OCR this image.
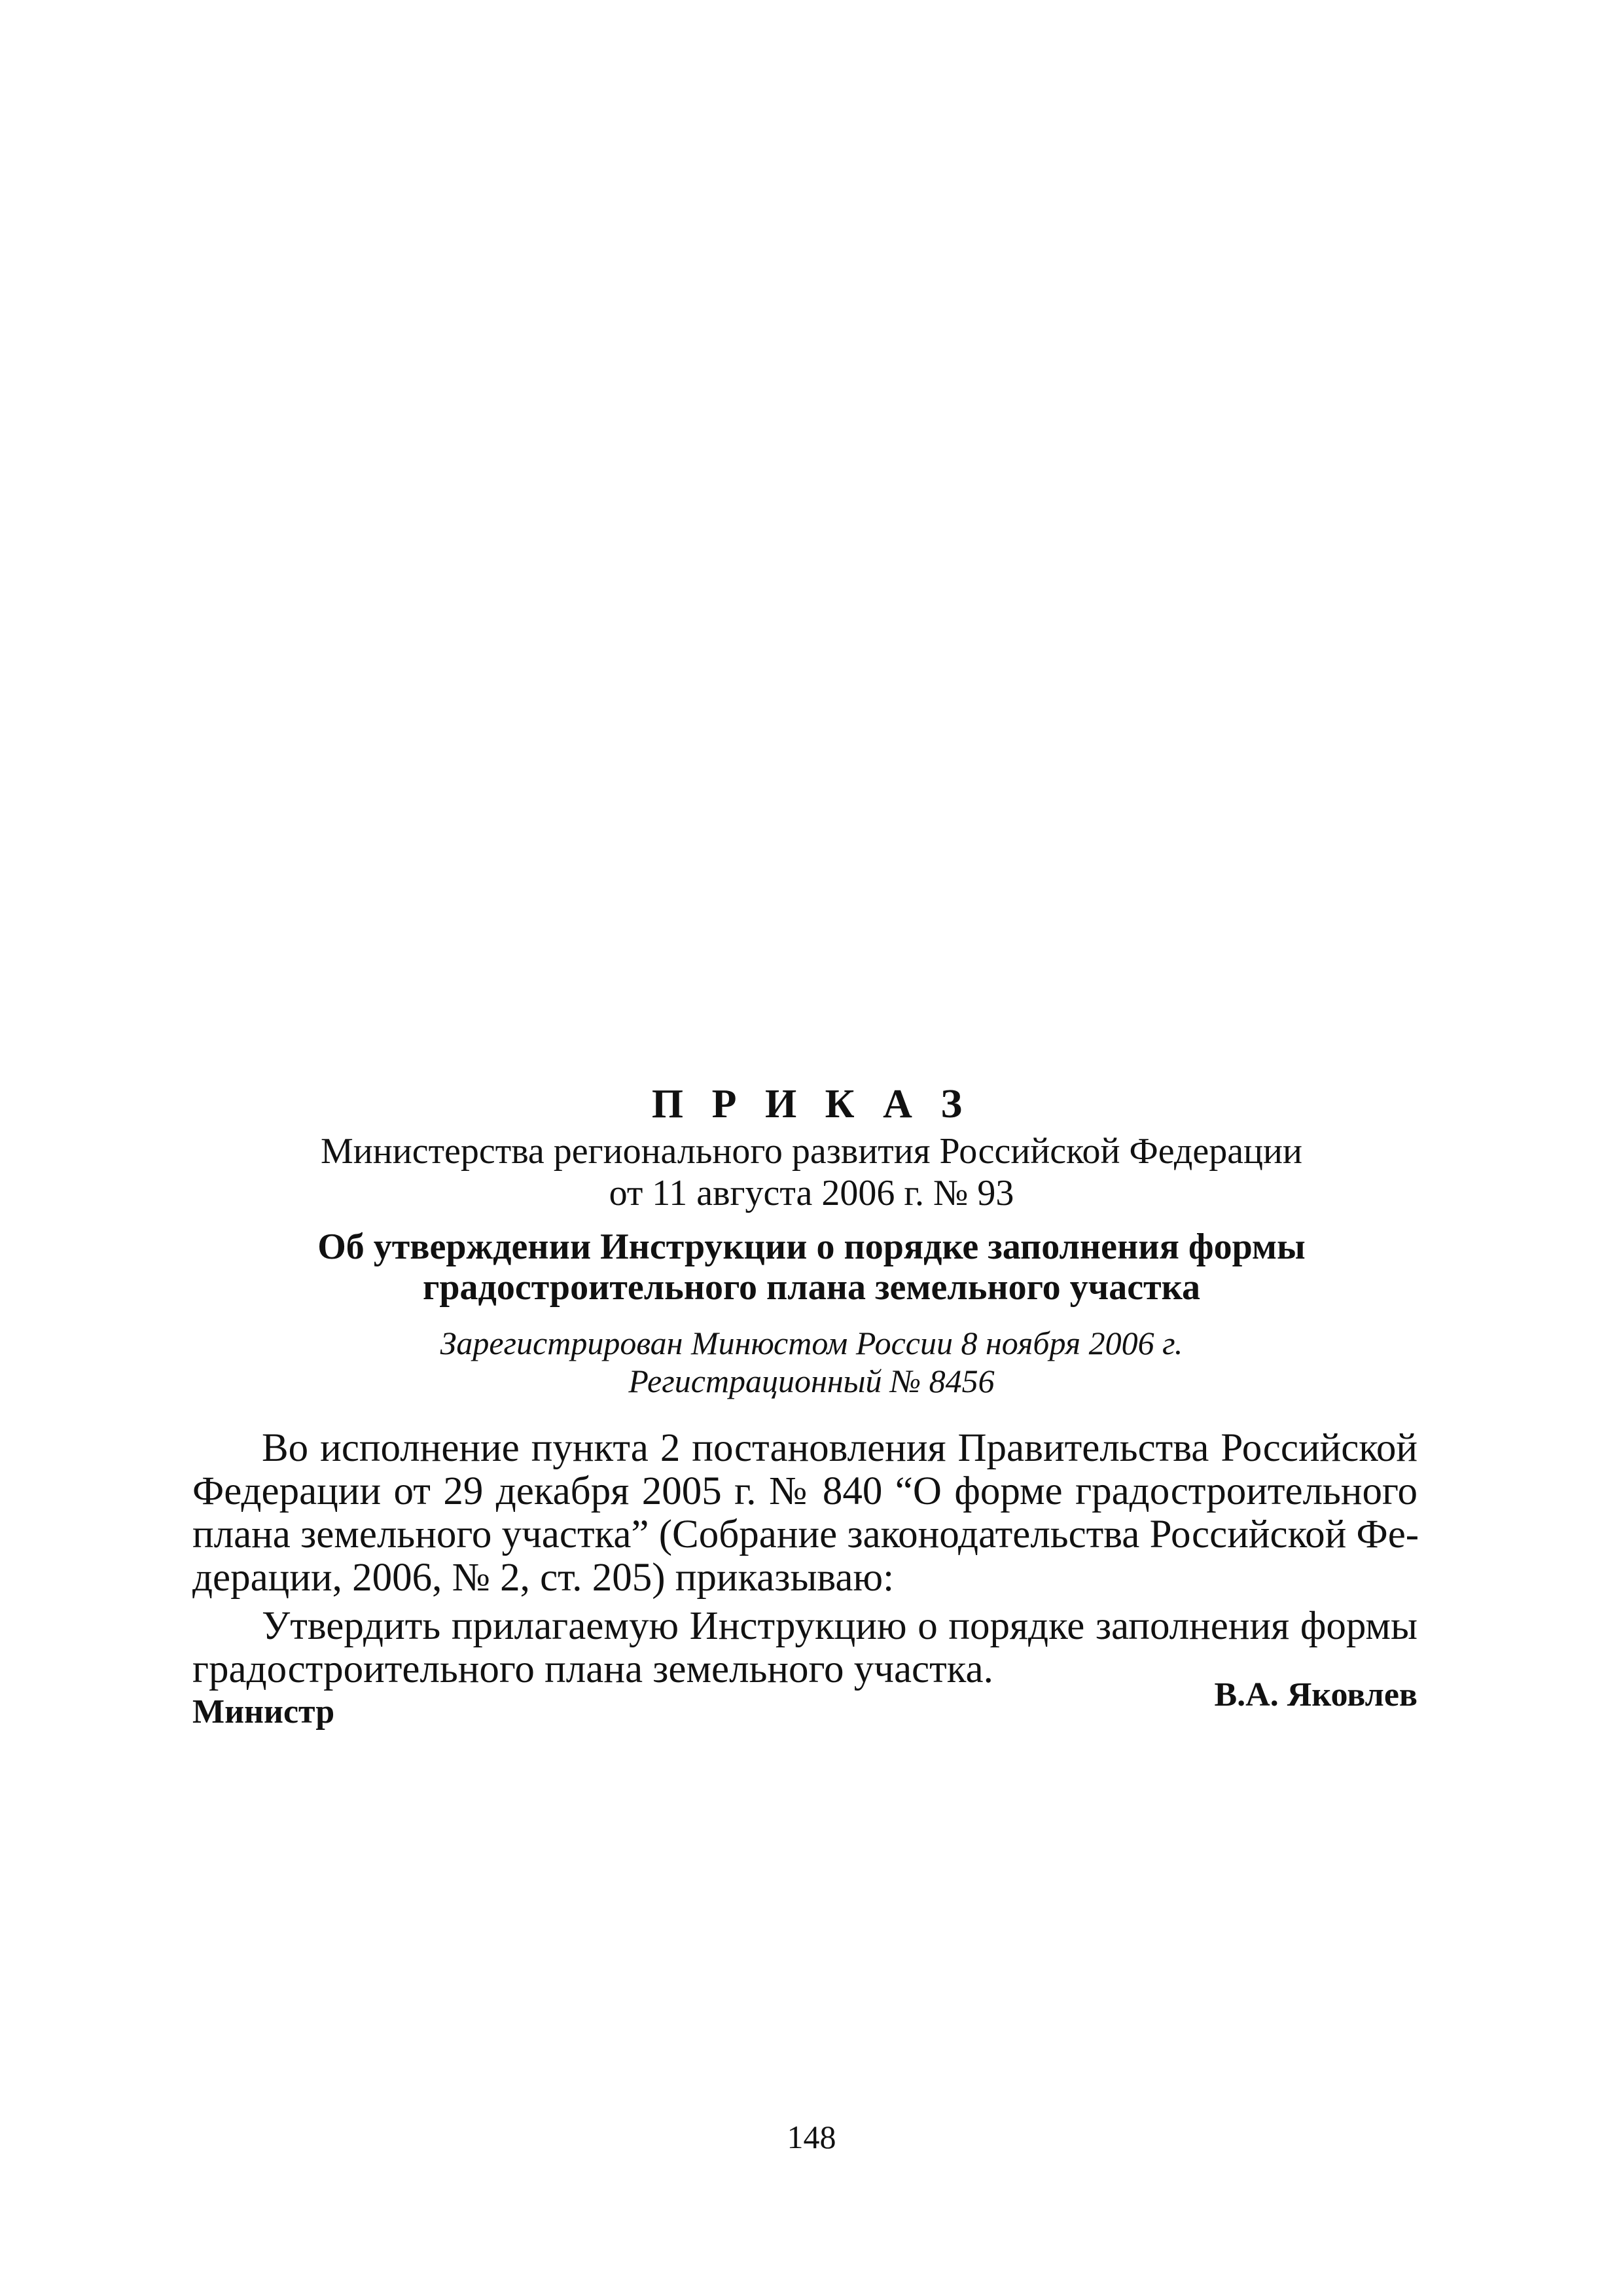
П Р И К А З
Министерства регионального развития Российской Федерации
от 11 августа 2006 г. № 93
Об утверждении Инструкции о порядке заполнения формы
градостроительного плана земельного участка
Зарегистрирован Минюстом России 8 ноября 2006 г.
Регистрационный № 8456
Во исполнение пункта 2 постановления Правительства Российской
Федерации от 29 декабря 2005 г. № 840 “О форме градостроительного
плана земельного участка” (Собрание законодательства Российской Фе-
дерации, 2006, № 2, ст. 205) приказываю:
Утвердить прилагаемую Инструкцию о порядке заполнения формы
градостроительного плана земельного участка.
Министр	В.А. Яковлев
148
